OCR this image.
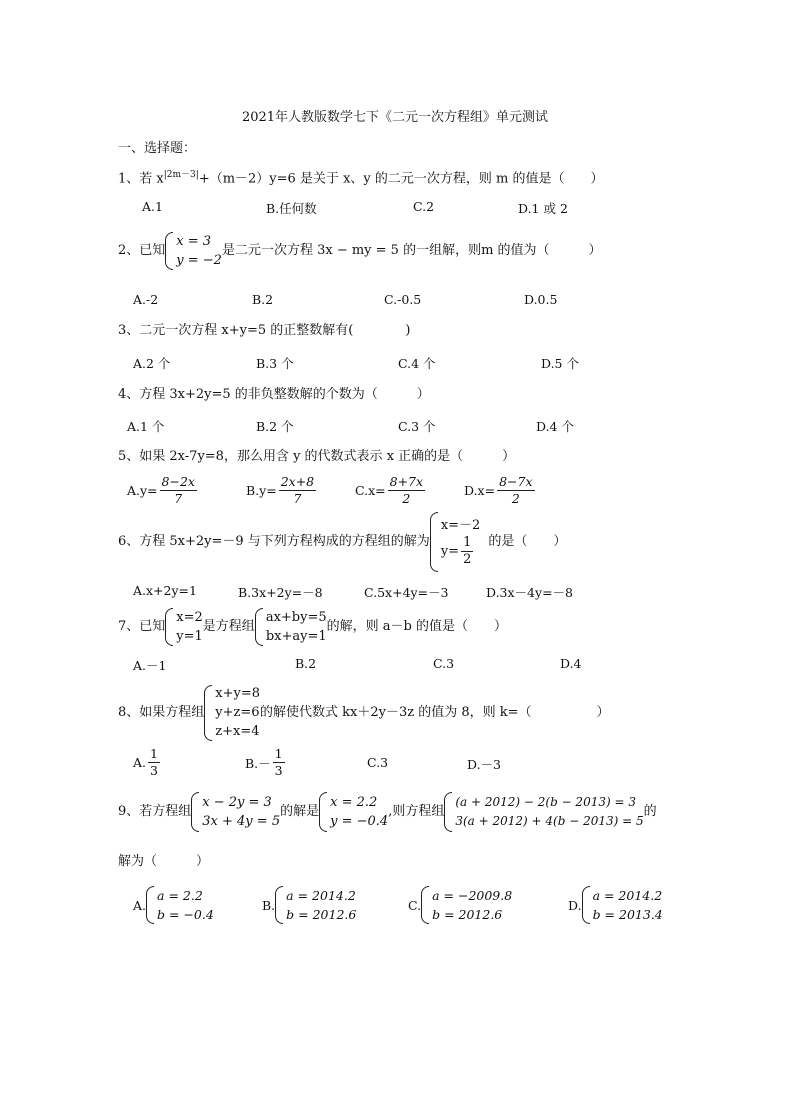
2021年人教版数学七下《二元一次方程组》单元测试
一、选择题：
1、若 $x^{|2m-3|}+(m-2)y=6$ 是关于 x、y 的二元一次方程，则 m 的值是（　　）
A.1	B.任何数	C.2	D.1 或 2
2、已知
x = 3
y = −2
是二元一次方程 3x − my = 5 的一组解，则m 的值为（　　　）
A.-2	B.2	C.-0.5	D.0.5
3、二元一次方程 x+y=5 的正整数解有(　　　　)
A.2 个	B.3 个	C.4 个	D.5 个
4、方程 3x+2y=5 的非负整数解的个数为（　　　）
A.1 个	B.2 个	C.3 个	D.4 个
5、如果 2x-7y=8，那么用含 y 的代数式表示 x 正确的是（　　　）
$A.y= \frac{8-2x}{7}$	$B.y= \frac{2x+8}{7}$	$C.x= \frac{8+7x}{2}$	$D.x= \frac{8-7x}{2}$
6、方程 5x+2y=－9 与下列方程构成的方程组的解为
x=－2
$y= \frac{1}{2}$ 的是（　　）
A.x+2y=1	B.3x+2y=－8	C.5x+4y=－3	D.3x－4y=－8
7、已知
x=2
y=1
是方程组
ax+by=5
bx+ay=1
的解，则 a－b 的值是（　　）
A.－1	B.2	C.3	D.4
8、如果方程组
x+y=8
y+z=6
z+x=4
的解使代数式 kx＋2y－3z 的值为 8，则 k=（　　　　　）
A. $\frac{1}{3}$	$B.- \frac{1}{3}$	C.3	D.－3
9、若方程组
x − 2y = 3
3x + 4y = 5
的解是
x = 2.2
y = −0.4
,则方程组
(a + 2012) − 2(b − 2013) = 3
3(a + 2012) + 4(b − 2013) = 5
的
解为（　　　）
A.
a = 2.2
b = −0.4
B.
a = 2014.2
b = 2012.6
C.
a = −2009.8
b = 2012.6
D.
a = 2014.2
b = 2013.4
